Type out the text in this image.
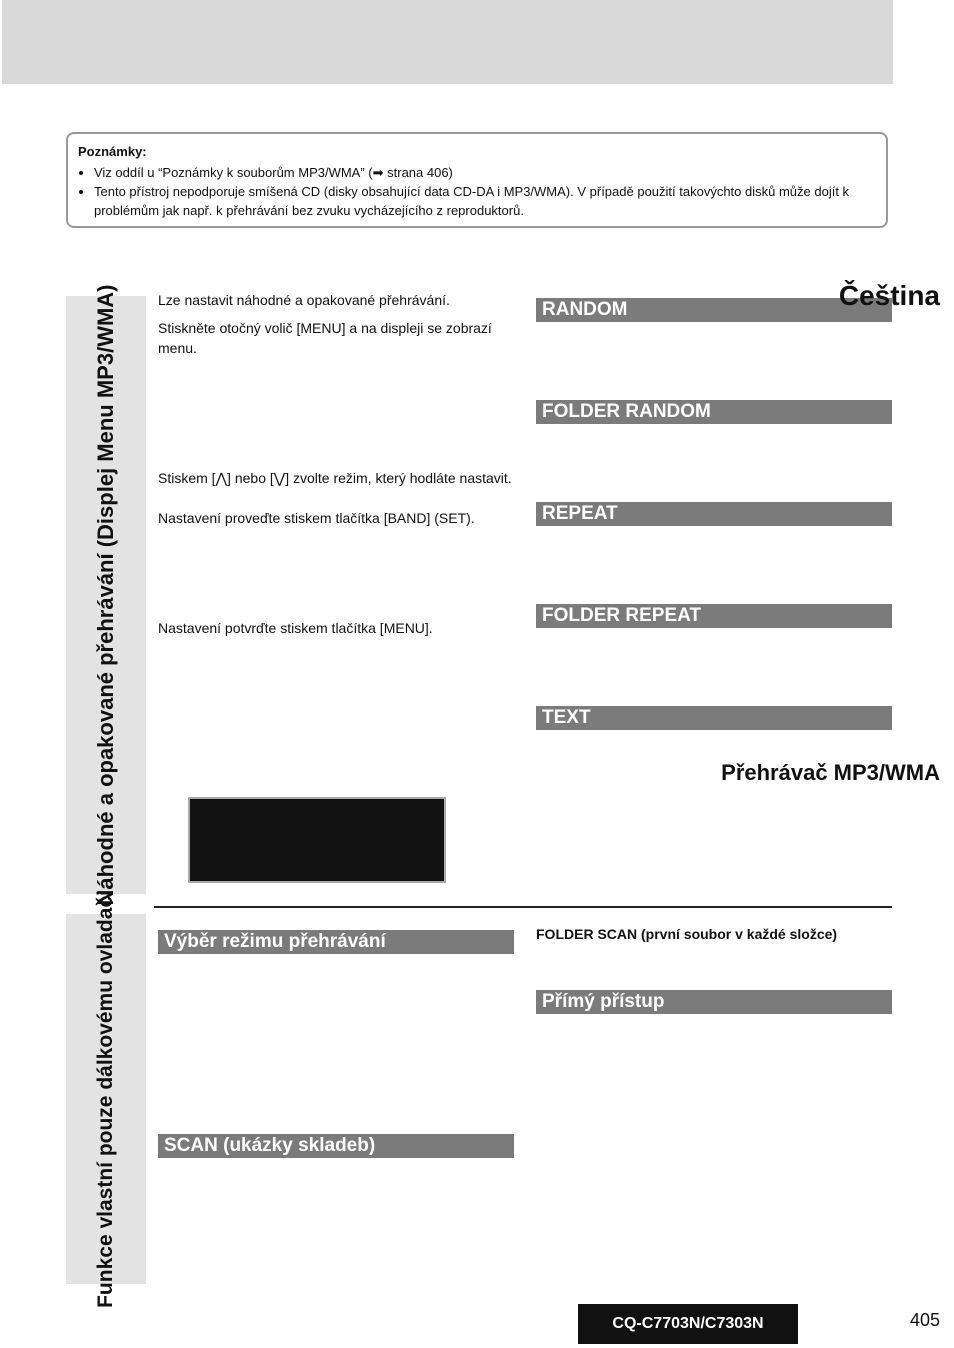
Poznámky:
• Viz oddíl u “Poznámky k souborům MP3/WMA” (➡ strana 406)
• Tento přístroj nepodporuje smíšená CD (disky obsahující data CD-DA i MP3/WMA). V případě použití takovýchto disků může dojít k problémům jak např. k přehrávání bez zvuku vycházejícího z reproduktorů.
Náhodné a opakované přehrávání (Displej Menu MP3/WMA)
Funkce vlastní pouze dálkovému ovladači
Lze nastavit náhodné a opakované přehrávání.
Stiskněte otočný volič [MENU] a na displeji se zobrazí menu.
Stiskem [⋀] nebo [⋁] zvolte režim, který hodláte nastavit.
Nastavení proveďte stiskem tlačítka [BAND] (SET).
Nastavení potvrďte stiskem tlačítka [MENU].
RANDOM
FOLDER RANDOM
REPEAT
FOLDER REPEAT
TEXT
Výběr režimu přehrávání
SCAN (ukázky skladeb)
FOLDER SCAN (první soubor v každé složce)
Přímý přístup
Čeština
Přehrávač MP3/WMA
CQ-C7703N/C7303N	405
